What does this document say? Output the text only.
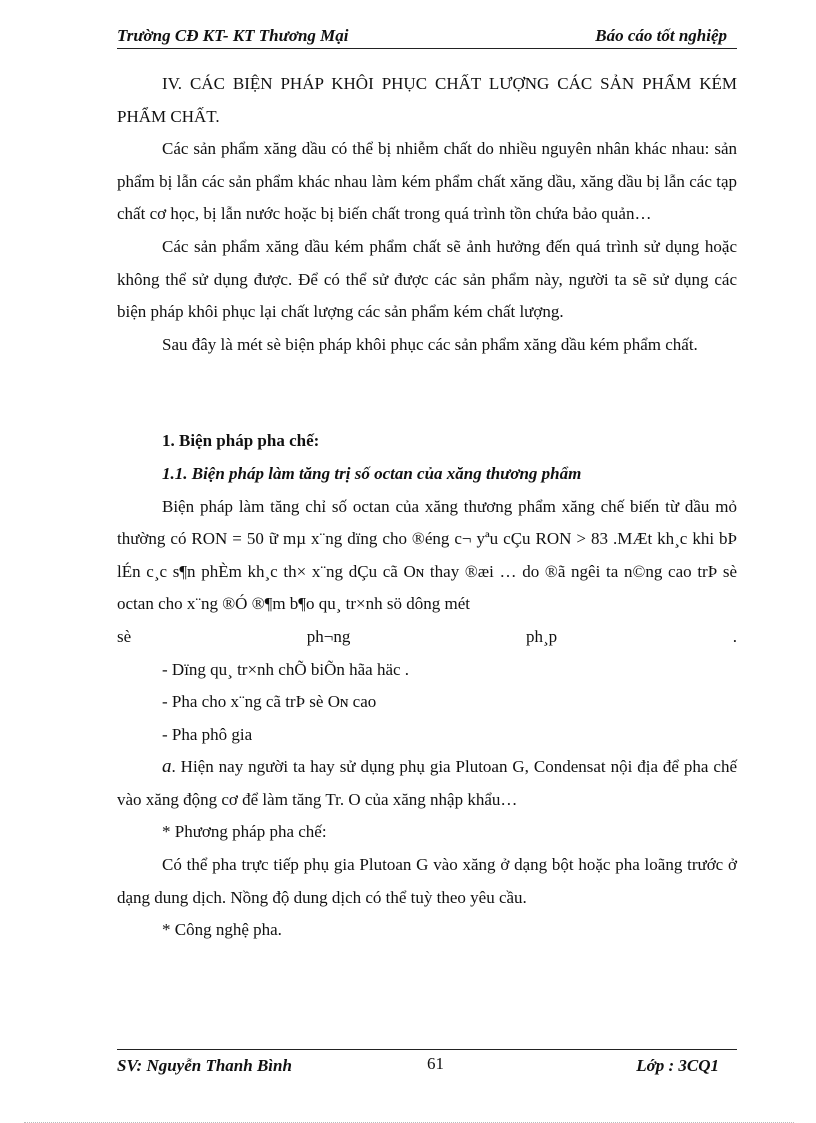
Trường CĐ KT- KT Thương Mại	Báo cáo tốt nghiệp

IV. CÁC BIỆN PHÁP KHÔI PHỤC CHẤT LƯỢNG CÁC SẢN PHẨM KÉM PHẨM CHẤT.

Các sản phẩm xăng dầu có thể bị nhiễm chất do nhiều nguyên nhân khác nhau: sản phẩm bị lẫn các sản phẩm khác nhau làm kém phẩm chất xăng dầu, xăng dầu bị lẫn các tạp chất cơ học, bị lẫn nước hoặc bị biến chất trong quá trình tồn chứa bảo quản…

Các sản phẩm xăng dầu kém phẩm chất sẽ ảnh hưởng đến quá trình sử dụng hoặc không thể sử dụng được. Để có thể sử được các sản phẩm này, người ta sẽ sử dụng các biện pháp khôi phục lại chất lượng các sản phẩm kém chất lượng.

Sau đây là mét sè biện pháp khôi phục các sản phẩm xăng dầu kém phẩm chất.

1. Biện pháp pha chế:

1.1. Biện pháp làm tăng trị số octan của xăng thương phẩm

Biện pháp làm tăng chỉ số octan của xăng thương phẩm xăng chế biến từ dầu mỏ thường có RON = 50 ữ mµ x¨ng dïng cho ®éng c¬ yªu cÇu RON > 83 .MÆt kh¸c khi bÞ lÉn c¸c s¶n phÈm kh¸c th× x¨ng dÇu cã Oɴ thay ®æi … do ®ã ngêi ta n©ng cao trÞ sè octan cho x¨ng ®Ó ®¶m b¶o qu¸ tr×nh sö dông mét

sè	ph¬ng	ph¸p	.

- Dïng qu¸ tr×nh chÕ biÕn hãa häc .

- Pha cho x¨ng cã trÞ sè Oɴ cao

- Pha phô gia

a. Hiện nay người ta hay sử dụng phụ gia Plutoan G, Condensat nội địa để pha chế vào xăng động cơ để làm tăng Tr. O của xăng nhập khẩu…

* Phương pháp pha chế:

Có thể pha trực tiếp phụ gia Plutoan G vào xăng ở dạng bột hoặc pha loãng trước ở dạng dung dịch. Nồng độ dung dịch có thể tuỳ theo yêu cầu.

* Công nghệ pha.

SV: Nguyễn Thanh Bình	61	Lớp : 3CQ1
